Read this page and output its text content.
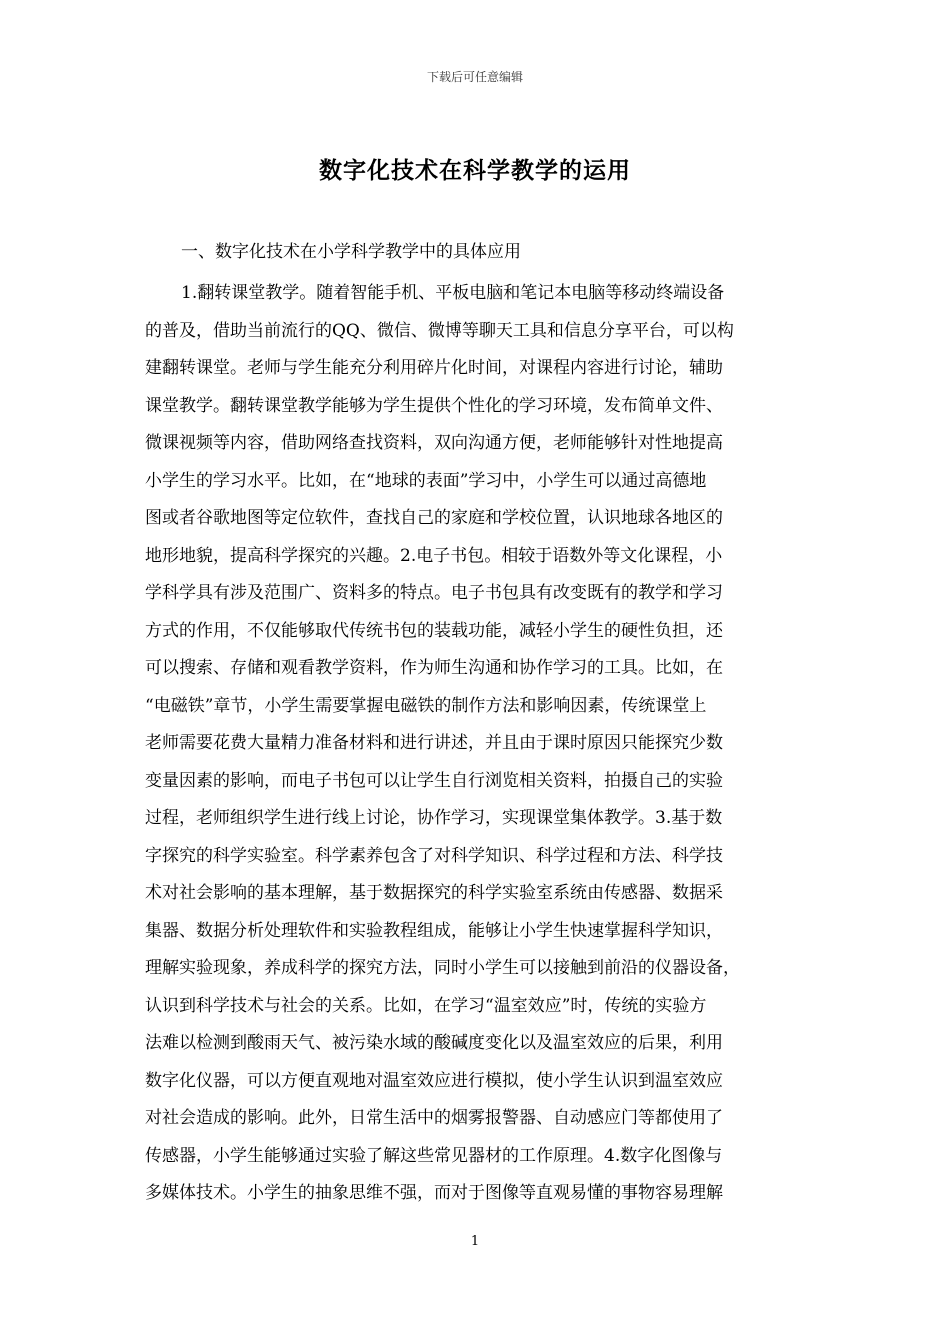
下载后可任意编辑
数字化技术在科学教学的运用
一、数字化技术在小学科学教学中的具体应用
1.翻转课堂教学。随着智能手机、平板电脑和笔记本电脑等移动终端设备
的普及，借助当前流行的QQ、微信、微博等聊天工具和信息分享平台，可以构
建翻转课堂。老师与学生能充分利用碎片化时间，对课程内容进行讨论，辅助
课堂教学。翻转课堂教学能够为学生提供个性化的学习环境，发布简单文件、
微课视频等内容，借助网络查找资料，双向沟通方便，老师能够针对性地提高
小学生的学习水平。比如，在“地球的表面”学习中，小学生可以通过高德地
图或者谷歌地图等定位软件，查找自己的家庭和学校位置，认识地球各地区的
地形地貌，提高科学探究的兴趣。2.电子书包。相较于语数外等文化课程，小
学科学具有涉及范围广、资料多的特点。电子书包具有改变既有的教学和学习
方式的作用，不仅能够取代传统书包的装载功能，减轻小学生的硬性负担，还
可以搜索、存储和观看教学资料，作为师生沟通和协作学习的工具。比如，在
“电磁铁”章节，小学生需要掌握电磁铁的制作方法和影响因素，传统课堂上
老师需要花费大量精力准备材料和进行讲述，并且由于课时原因只能探究少数
变量因素的影响，而电子书包可以让学生自行浏览相关资料，拍摄自己的实验
过程，老师组织学生进行线上讨论，协作学习，实现课堂集体教学。3.基于数
字探究的科学实验室。科学素养包含了对科学知识、科学过程和方法、科学技
术对社会影响的基本理解，基于数据探究的科学实验室系统由传感器、数据采
集器、数据分析处理软件和实验教程组成，能够让小学生快速掌握科学知识，
理解实验现象，养成科学的探究方法，同时小学生可以接触到前沿的仪器设备，
认识到科学技术与社会的关系。比如，在学习“温室效应”时，传统的实验方
法难以检测到酸雨天气、被污染水域的酸碱度变化以及温室效应的后果，利用
数字化仪器，可以方便直观地对温室效应进行模拟，使小学生认识到温室效应
对社会造成的影响。此外，日常生活中的烟雾报警器、自动感应门等都使用了
传感器，小学生能够通过实验了解这些常见器材的工作原理。4.数字化图像与
多媒体技术。小学生的抽象思维不强，而对于图像等直观易懂的事物容易理解
1
